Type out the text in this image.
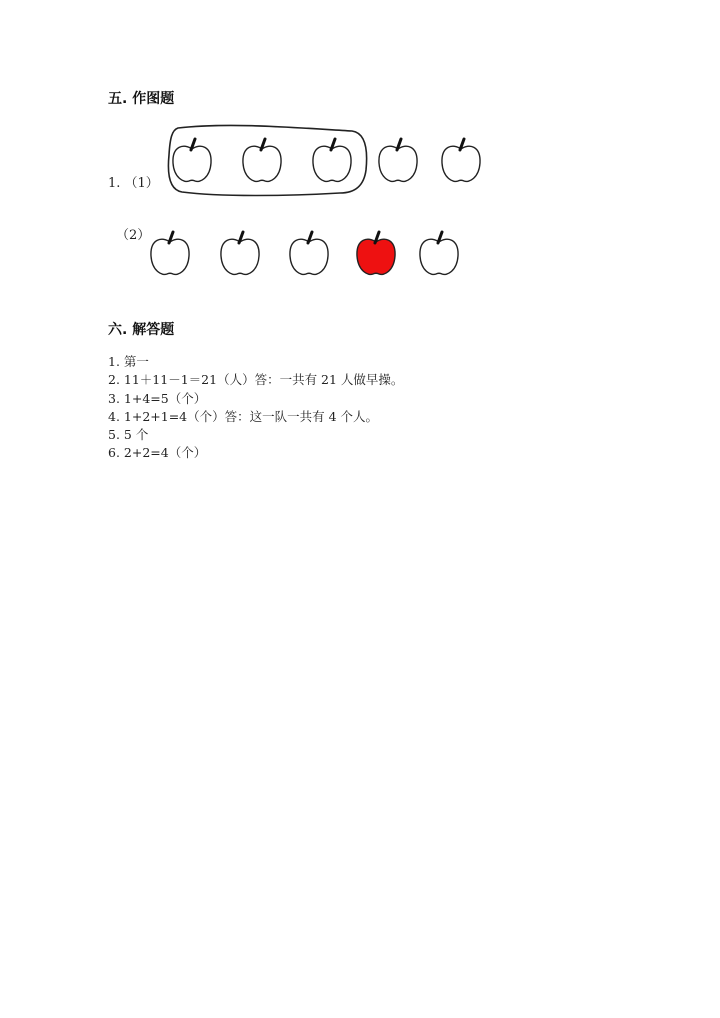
五. 作图题
1. （1）
（2）
六. 解答题
1. 第一
2. 11＋11－1＝21（人）答：一共有 21 人做早操。
3. 1+4=5（个）
4. 1+2+1=4（个）答：这一队一共有 4 个人。
5. 5 个
6. 2+2=4（个）
